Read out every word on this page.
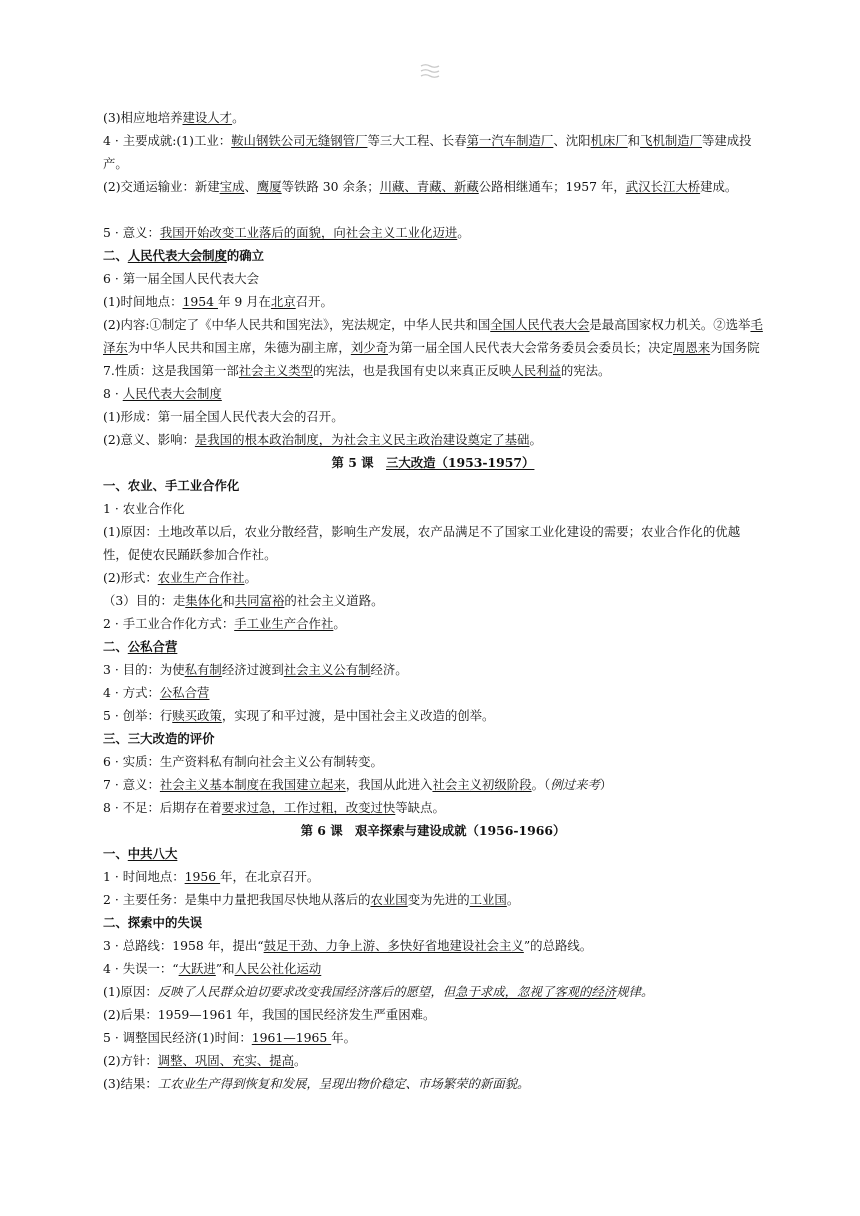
(3)相应地培养建设人才。
4 · 主要成就:(1)工业：鞍山钢铁公司无缝钢管厂等三大工程、长春第一汽车制造厂、沈阳机床厂和飞机制造厂等建成投产。
(2)交通运输业：新建宝成、鹰厦等铁路 30 余条；川藏、青藏、新藏公路相继通车；1957 年，武汉长江大桥建成。
5 · 意义：我国开始改变工业落后的面貌，向社会主义工业化迈进。
二、人民代表大会制度的确立
6 · 第一届全国人民代表大会
(1)时间地点：1954 年 9 月在北京召开。
(2)内容:①制定了《中华人民共和国宪法》，宪法规定，中华人民共和国全国人民代表大会是最高国家权力机关。②选举毛泽东为中华人民共和国主席，朱德为副主席，刘少奇为第一届全国人民代表大会常务委员会委员长；决定周恩来为国务院
7.性质：这是我国第一部社会主义类型的宪法，也是我国有史以来真正反映人民利益的宪法。
8 · 人民代表大会制度
(1)形成：第一届全国人民代表大会的召开。
(2)意义、影响：是我国的根本政治制度，为社会主义民主政治建设奠定了基础。
第 5 课　三大改造（1953-1957）
一、农业、手工业合作化
1 · 农业合作化
(1)原因：土地改革以后，农业分散经营，影响生产发展，农产品满足不了国家工业化建设的需要；农业合作化的优越性，促使农民踊跃参加合作社。
(2)形式：农业生产合作社。
（3）目的：走集体化和共同富裕的社会主义道路。
2 · 手工业合作化方式：手工业生产合作社。
二、公私合营
3 · 目的：为使私有制经济过渡到社会主义公有制经济。
4 · 方式：公私合营
5 · 创举：行赎买政策，实现了和平过渡，是中国社会主义改造的创举。
三、三大改造的评价
6 · 实质：生产资料私有制向社会主义公有制转变。
7 · 意义：社会主义基本制度在我国建立起来，我国从此进入社会主义初级阶段。（例过来考）
8 · 不足：后期存在着要求过急，工作过粗，改变过快等缺点。
第 6 课　艰辛探索与建设成就（1956-1966）
一、中共八大
1 · 时间地点：1956 年，在北京召开。
2 · 主要任务：是集中力量把我国尽快地从落后的农业国变为先进的工业国。
二、探索中的失误
3 · 总路线：1958 年，提出“鼓足干劲、力争上游、多快好省地建设社会主义”的总路线。
4 · 失误一：“大跃进”和人民公社化运动
(1)原因：反映了人民群众迫切要求改变我国经济落后的愿望，但急于求成，忽视了客观的经济规律。
(2)后果：1959—1961 年，我国的国民经济发生严重困难。
5 · 调整国民经济(1)时间：1961—1965 年。
(2)方针：调整、巩固、充实、提高。
(3)结果：工农业生产得到恢复和发展，呈现出物价稳定、市场繁荣的新面貌。
